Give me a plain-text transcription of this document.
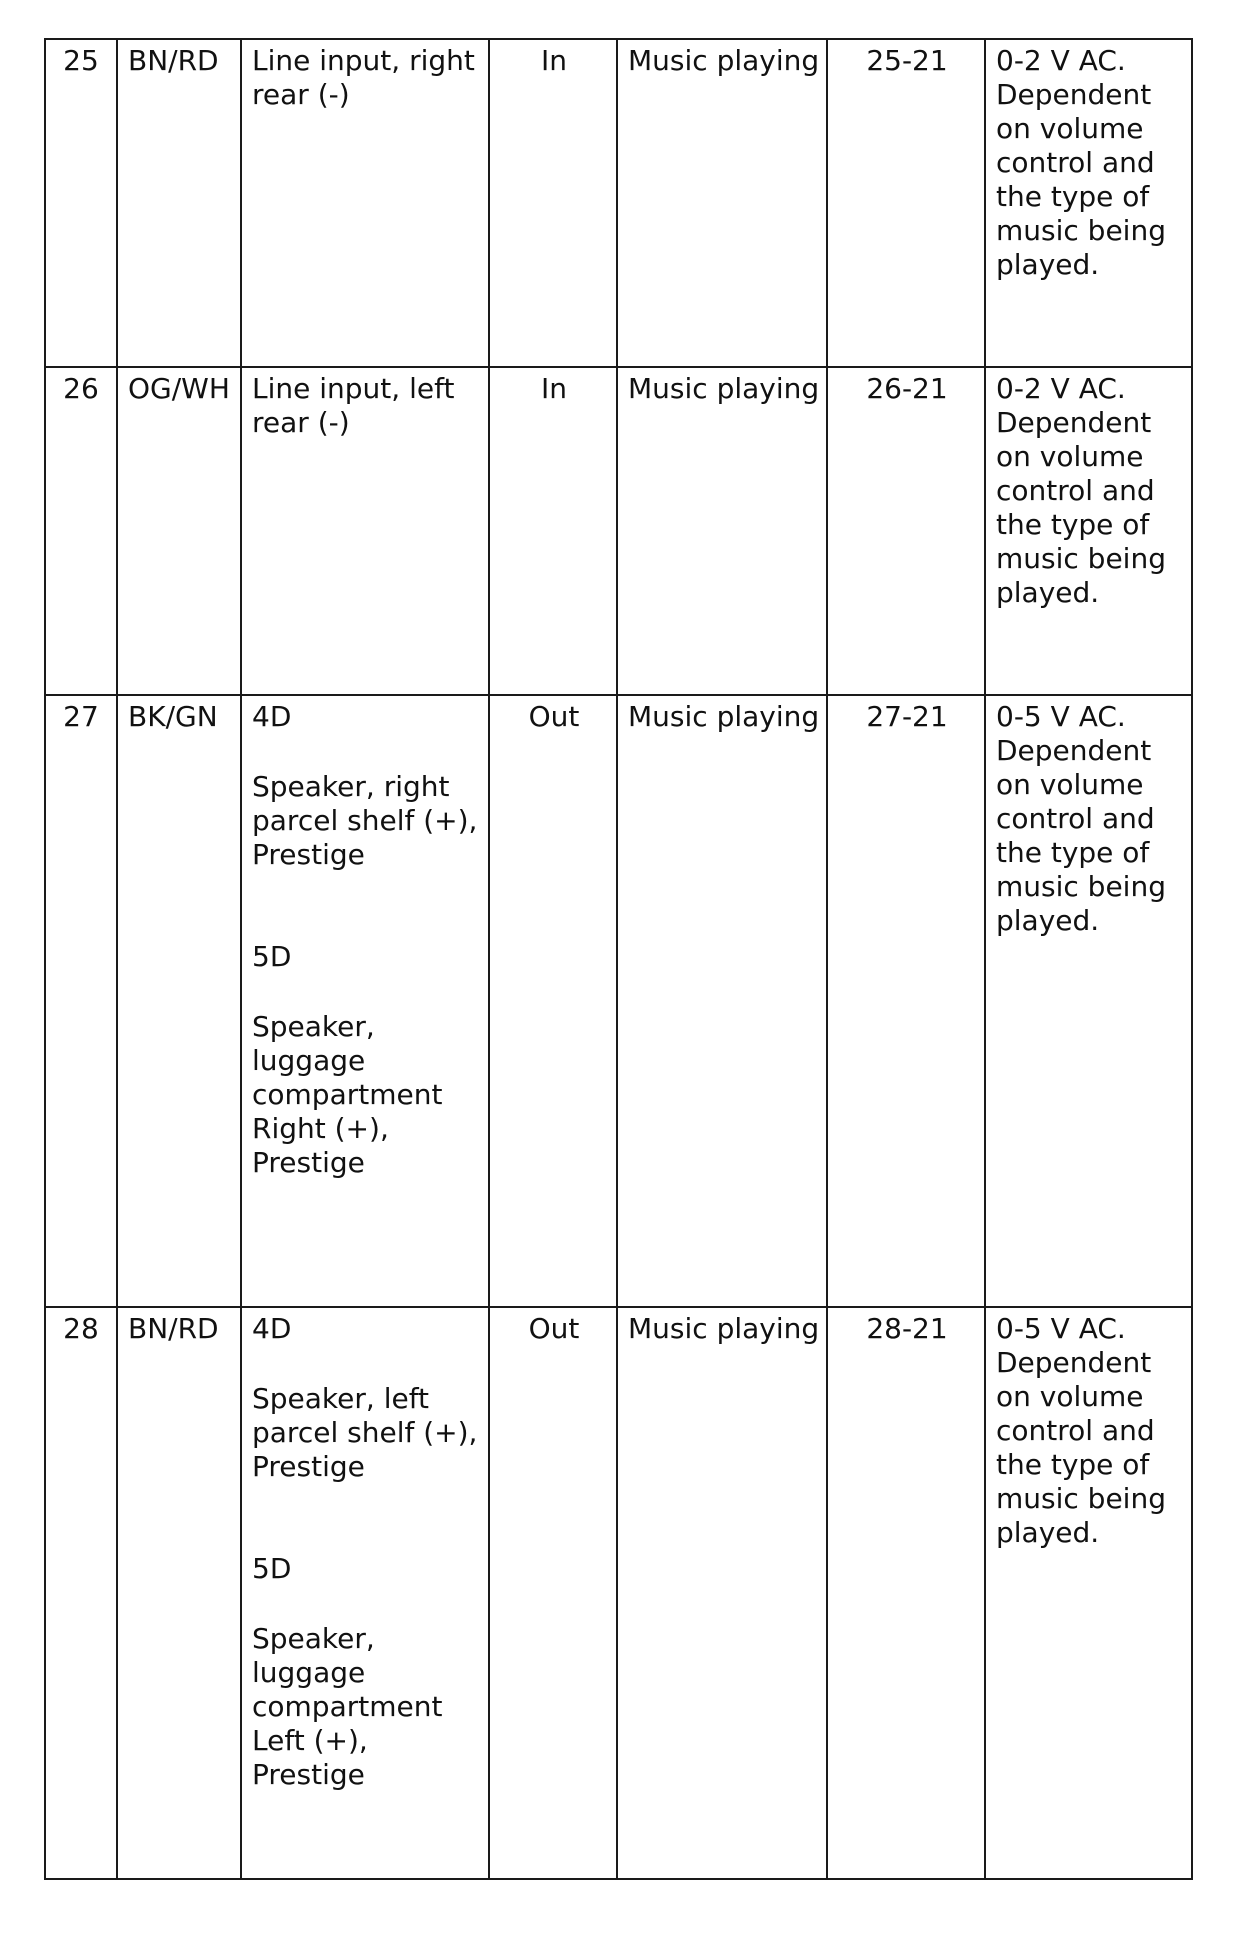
25	BN/RD	Line input, right rear (-)	In	Music playing	25-21	0-2 V AC. Dependent on volume control and the type of music being played.
26	OG/WH	Line input, left rear (-)	In	Music playing	26-21	0-2 V AC. Dependent on volume control and the type of music being played.
27	BK/GN	4D
Speaker, right parcel shelf (+), Prestige
5D
Speaker, luggage compartment Right (+), Prestige	Out	Music playing	27-21	0-5 V AC. Dependent on volume control and the type of music being played.
28	BN/RD	4D
Speaker, left parcel shelf (+), Prestige
5D
Speaker, luggage compartment Left (+), Prestige	Out	Music playing	28-21	0-5 V AC. Dependent on volume control and the type of music being played.
